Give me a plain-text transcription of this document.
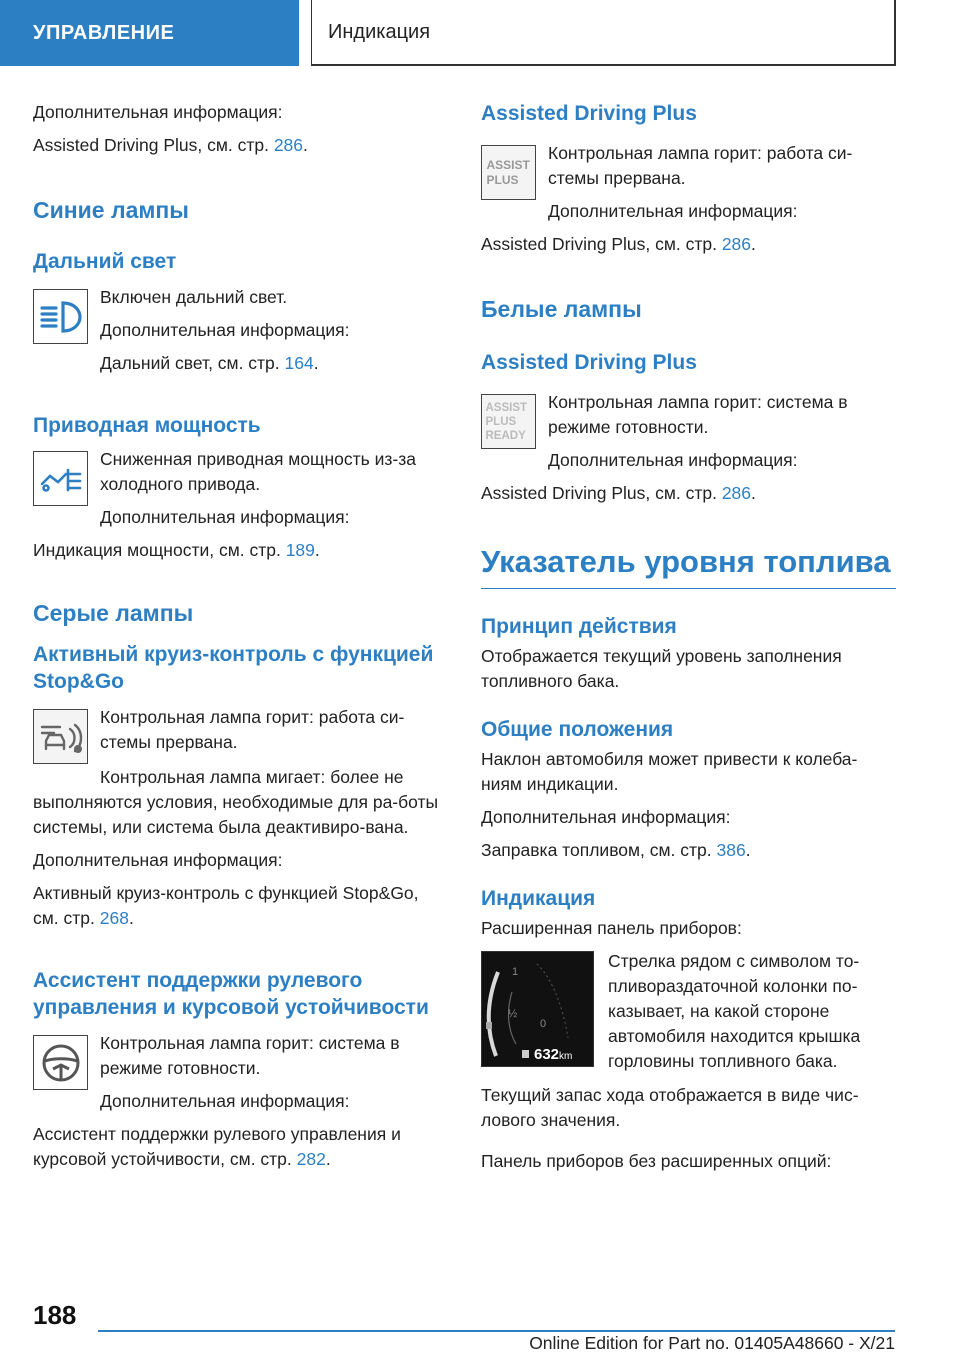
УПРАВЛЕНИЕ	Индикация

Дополнительная информация:

Assisted Driving Plus, см. стр. 286.

Синие лампы
Дальний свет

Включен дальний свет.

Дополнительная информация:

Дальний свет, см. стр. 164.

Приводная мощность

Сниженная приводная мощность из-за холодного привода.

Дополнительная информация:

Индикация мощности, см. стр. 189.

Серые лампы
Активный круиз-контроль с функцией Stop&Go

Контрольная лампа горит: работа си-стемы прервана.

Контрольная лампа мигает: более не выполняются условия, необходимые для ра-боты системы, или система была деактивиро-вана.

Дополнительная информация:

Активный круиз-контроль с функцией Stop&Go, см. стр. 268.

Ассистент поддержки рулевого управления и курсовой устойчивости

Контрольная лампа горит: система в режиме готовности.

Дополнительная информация:

Ассистент поддержки рулевого управления и курсовой устойчивости, см. стр. 282.

Assisted Driving Plus
ASSIST PLUS

Контрольная лампа горит: работа си-стемы прервана.

Дополнительная информация:

Assisted Driving Plus, см. стр. 286.

Белые лампы
Assisted Driving Plus
ASSIST PLUS READY

Контрольная лампа горит: система в режиме готовности.

Дополнительная информация:

Assisted Driving Plus, см. стр. 286.

Указатель уровня топлива
Принцип действия

Отображается текущий уровень заполнения топливного бака.

Общие положения

Наклон автомобиля может привести к колеба-ниям индикации.

Дополнительная информация:

Заправка топливом, см. стр. 386.

Индикация

Расширенная панель приборов:

1
½
0
632km

Стрелка рядом с символом то-пливораздаточной колонки по-казывает, на какой стороне автомобиля находится крышка горловины топливного бака.

Текущий запас хода отображается в виде чис-лового значения.

Панель приборов без расширенных опций:

188
Online Edition for Part no. 01405A48660 - X/21
